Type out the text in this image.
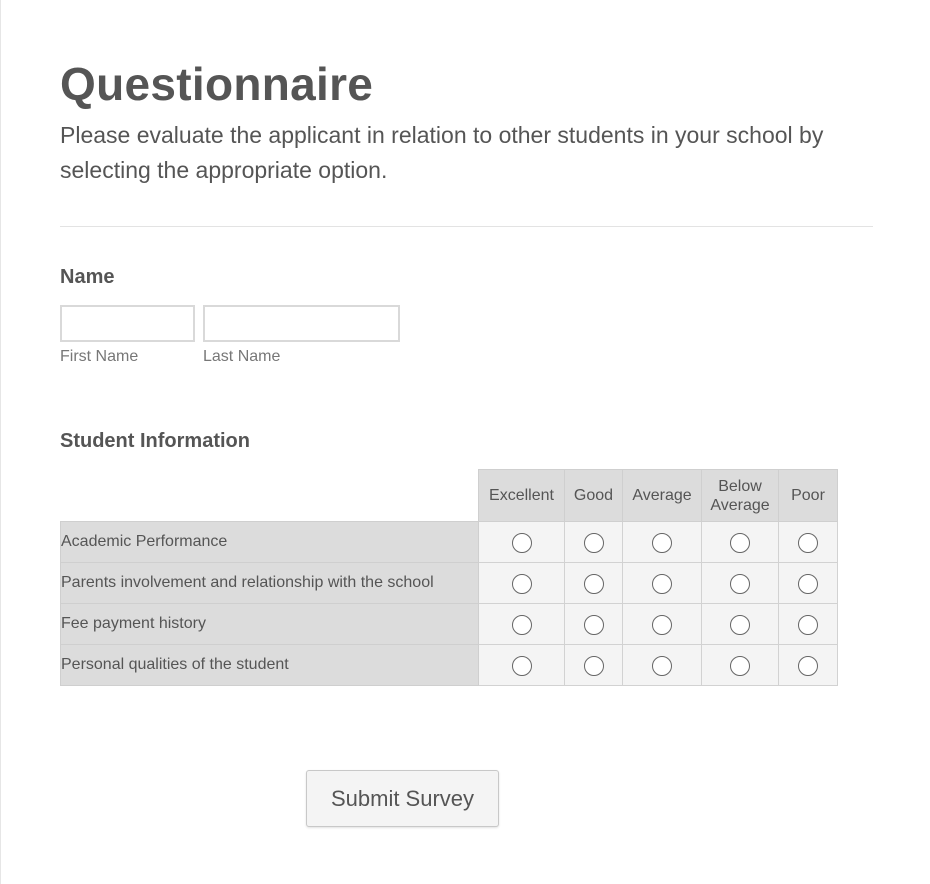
Questionnaire

Please evaluate the applicant in relation to other students in your school by selecting the appropriate option.

Name
First Name	Last Name
Student Information
	Excellent	Good	Average	Below Average	Poor
Academic Performance					
Parents involvement and relationship with the school					
Fee payment history					
Personal qualities of the student					
Submit Survey
